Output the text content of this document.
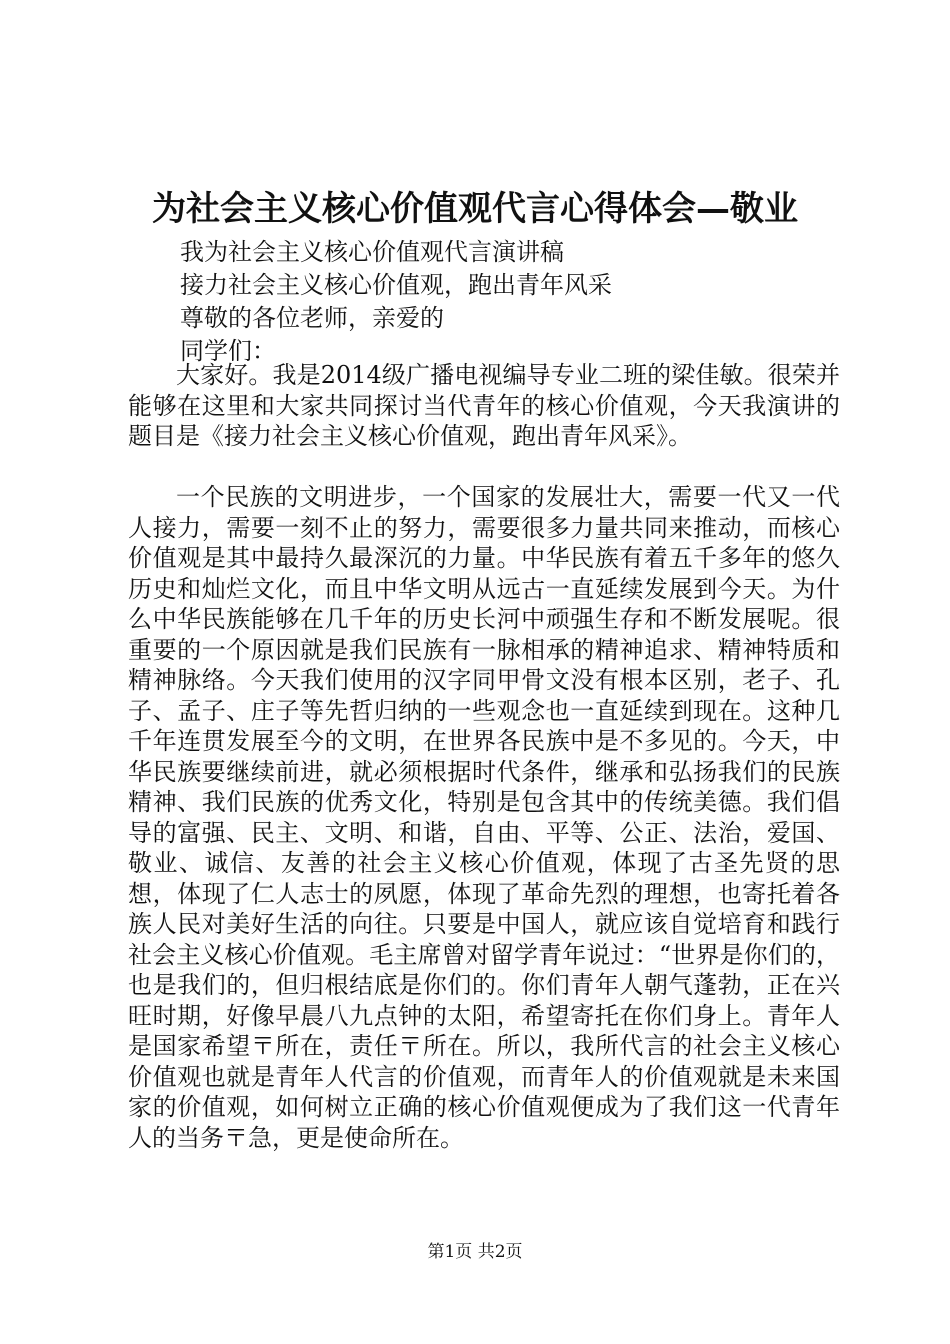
为社会主义核心价值观代言心得体会—敬业
我为社会主义核心价值观代言演讲稿
接力社会主义核心价值观，跑出青年风采
尊敬的各位老师，亲爱的
同学们：

大家好。我是2014级广播电视编导专业二班的梁佳敏。很荣并能够在这里和大家共同探讨当代青年的核心价值观，今天我演讲的题目是《接力社会主义核心价值观，跑出青年风采》。

一个民族的文明进步，一个国家的发展壮大，需要一代又一代人接力，需要一刻不止的努力，需要很多力量共同来推动，而核心价值观是其中最持久最深沉的力量。中华民族有着五千多年的悠久历史和灿烂文化，而且中华文明从远古一直延续发展到今天。为什么中华民族能够在几千年的历史长河中顽强生存和不断发展呢。很重要的一个原因就是我们民族有一脉相承的精神追求、精神特质和精神脉络。今天我们使用的汉字同甲骨文没有根本区别，老子、孔子、孟子、庄子等先哲归纳的一些观念也一直延续到现在。这种几千年连贯发展至今的文明，在世界各民族中是不多见的。今天，中华民族要继续前进，就必须根据时代条件，继承和弘扬我们的民族精神、我们民族的优秀文化，特别是包含其中的传统美德。我们倡导的富强、民主、文明、和谐，自由、平等、公正、法治，爱国、敬业、诚信、友善的社会主义核心价值观，体现了古圣先贤的思想，体现了仁人志士的夙愿，体现了革命先烈的理想，也寄托着各族人民对美好生活的向往。只要是中国人，就应该自觉培育和践行社会主义核心价值观。毛主席曾对留学青年说过：“世界是你们的，也是我们的，但归根结底是你们的。你们青年人朝气蓬勃，正在兴旺时期，好像早晨八九点钟的太阳，希望寄托在你们身上。青年人是国家希望〒所在，责任〒所在。所以，我所代言的社会主义核心价值观也就是青年人代言的价值观，而青年人的价值观就是未来国家的价值观，如何树立正确的核心价值观便成为了我们这一代青年人的当务〒急，更是使命所在。

第1页 共2页
